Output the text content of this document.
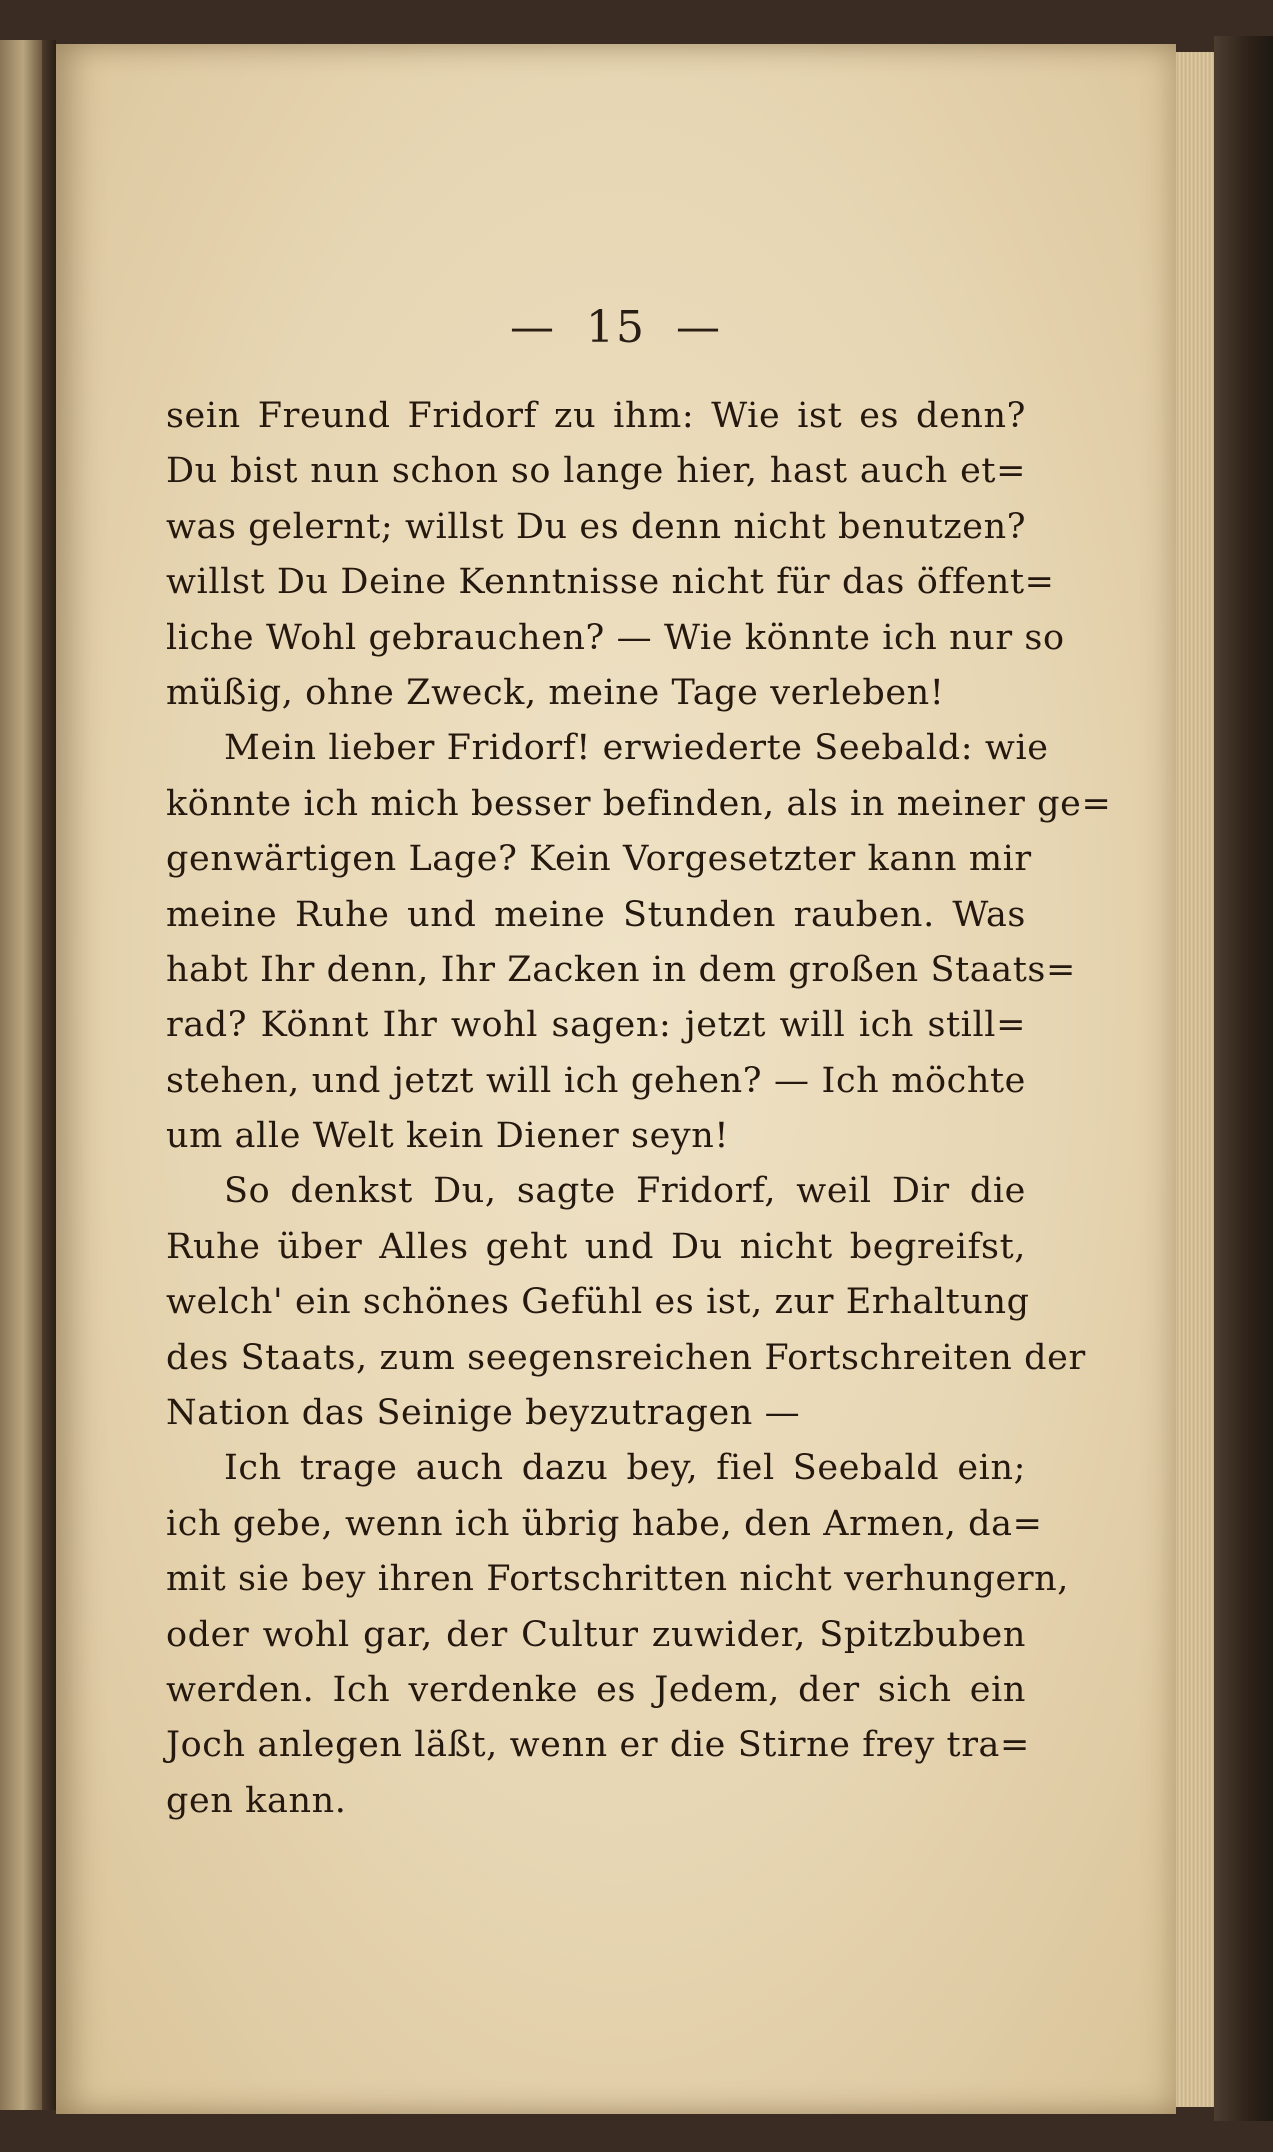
— 15 —
sein Freund Fridorf zu ihm: Wie ist es denn?
Du bist nun schon so lange hier, hast auch et=
was gelernt; willst Du es denn nicht benutzen?
willst Du Deine Kenntnisse nicht für das öffent=
liche Wohl gebrauchen? — Wie könnte ich nur so
müßig, ohne Zweck, meine Tage verleben!
Mein lieber Fridorf! erwiederte Seebald: wie
könnte ich mich besser befinden, als in meiner ge=
genwärtigen Lage? Kein Vorgesetzter kann mir
meine Ruhe und meine Stunden rauben. Was
habt Ihr denn, Ihr Zacken in dem großen Staats=
rad? Könnt Ihr wohl sagen: jetzt will ich still=
stehen, und jetzt will ich gehen? — Ich möchte
um alle Welt kein Diener seyn!
So denkst Du, sagte Fridorf, weil Dir die
Ruhe über Alles geht und Du nicht begreifst,
welch' ein schönes Gefühl es ist, zur Erhaltung
des Staats, zum seegensreichen Fortschreiten der
Nation das Seinige beyzutragen —
Ich trage auch dazu bey, fiel Seebald ein;
ich gebe, wenn ich übrig habe, den Armen, da=
mit sie bey ihren Fortschritten nicht verhungern,
oder wohl gar, der Cultur zuwider, Spitzbuben
werden. Ich verdenke es Jedem, der sich ein
Joch anlegen läßt, wenn er die Stirne frey tra=
gen kann.
